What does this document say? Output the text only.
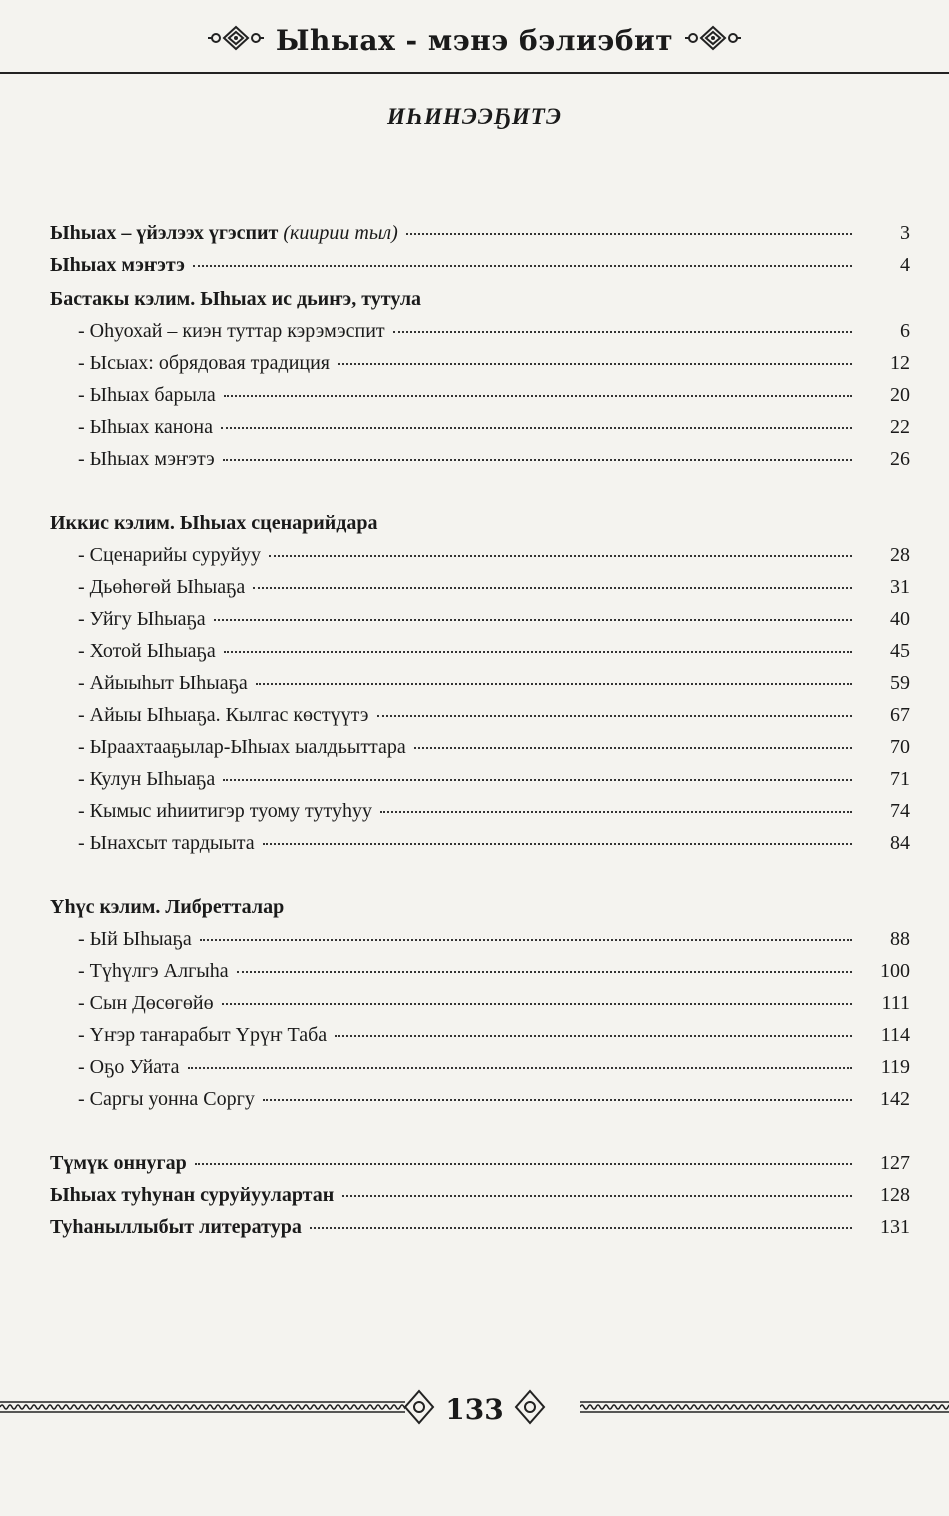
Ыһыах - мэнэ бэлиэбит
ИҺИНЭЭҔИТЭ
Ыһыах – үйэлээх үгэспит (киирии тыл)	3
Ыһыах мэҥэтэ	4
Бастакы кэлим. Ыһыах ис дьиҥэ, тутула
- Оһуохай – киэн туттар кэрэмэспит	6
- Ысыах: обрядовая традиция	12
- Ыһыах барыла	20
- Ыһыах канона	22
- Ыһыах мэҥэтэ	26
Иккис кэлим. Ыһыах сценарийдара
- Сценарийы суруйуу	28
- Дьөһөгөй Ыһыаҕа	31
- Уйгу Ыһыаҕа	40
- Хотой Ыһыаҕа	45
- Айыыһыт Ыһыаҕа	59
- Айыы Ыһыаҕа. Кылгас көстүүтэ	67
- Ыраахтааҕылар-Ыһыах ыалдьыттара	70
- Кулун Ыһыаҕа	71
- Кымыс иһиитигэр туому тутуһуу	74
- Ынахсыт тардыыта	84
Үһүс кэлим. Либретталар
- Ый Ыһыаҕа	88
- Түһүлгэ Алгыһа	100
- Сын Дөсөгөйө	111
- Үҥэр таҥарабыт Үрүҥ Таба	114
- Оҕо Уйата	119
- Саргы уонна Соргу	142
Түмүк оннугар	127
Ыһыах туһунан суруйуулартан	128
Туһаныллыбыт литература	131
133
